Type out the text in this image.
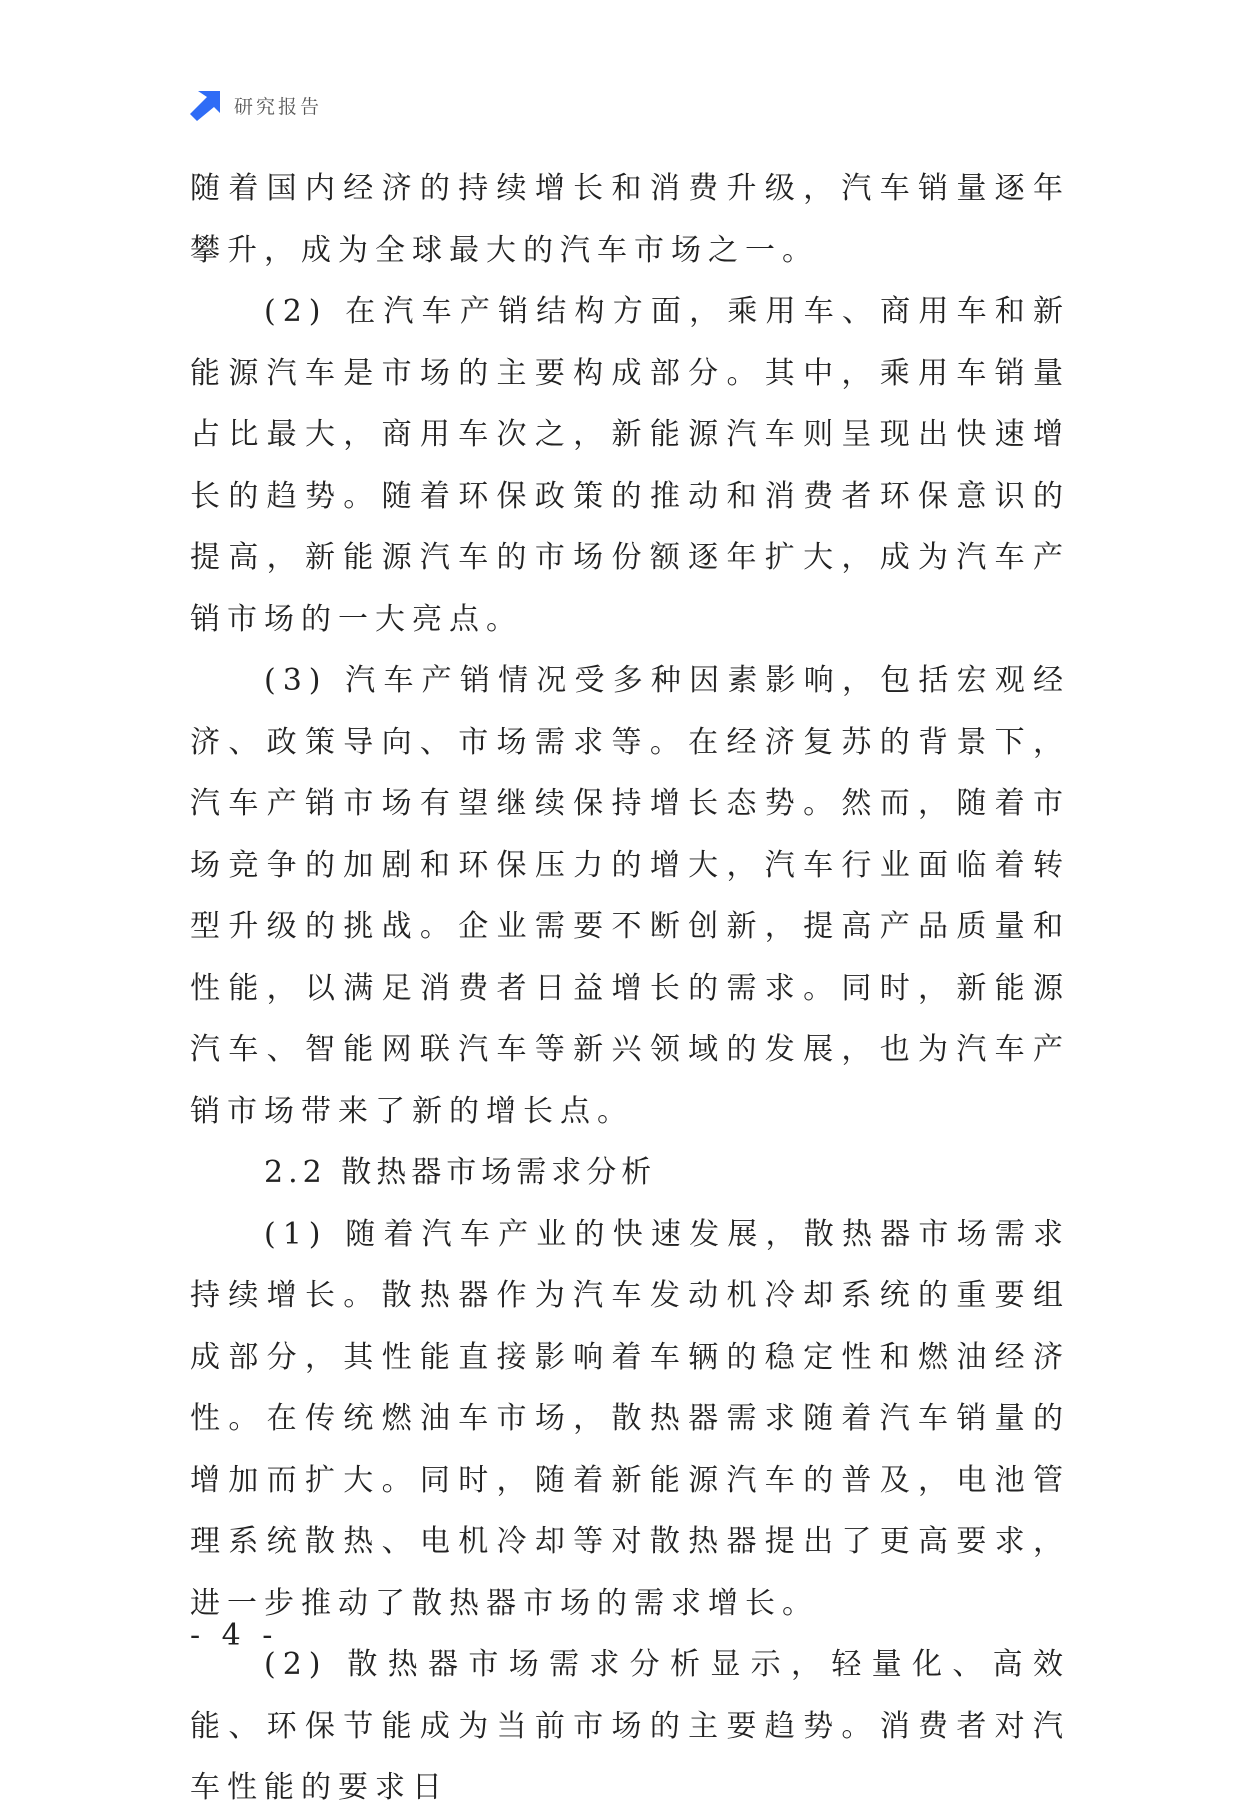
研究报告

随着国内经济的持续增长和消费升级，汽车销量逐年攀升，成为全球最大的汽车市场之一。

(2) 在汽车产销结构方面，乘用车、商用车和新能源汽车是市场的主要构成部分。其中，乘用车销量占比最大，商用车次之，新能源汽车则呈现出快速增长的趋势。随着环保政策的推动和消费者环保意识的提高，新能源汽车的市场份额逐年扩大，成为汽车产销市场的一大亮点。

(3) 汽车产销情况受多种因素影响，包括宏观经济、政策导向、市场需求等。在经济复苏的背景下，汽车产销市场有望继续保持增长态势。然而，随着市场竞争的加剧和环保压力的增大，汽车行业面临着转型升级的挑战。企业需要不断创新，提高产品质量和性能，以满足消费者日益增长的需求。同时，新能源汽车、智能网联汽车等新兴领域的发展，也为汽车产销市场带来了新的增长点。

2.2 散热器市场需求分析

(1) 随着汽车产业的快速发展，散热器市场需求持续增长。散热器作为汽车发动机冷却系统的重要组成部分，其性能直接影响着车辆的稳定性和燃油经济性。在传统燃油车市场，散热器需求随着汽车销量的增加而扩大。同时，随着新能源汽车的普及，电池管理系统散热、电机冷却等对散热器提出了更高要求，进一步推动了散热器市场的需求增长。

(2) 散热器市场需求分析显示，轻量化、高效能、环保节能成为当前市场的主要趋势。消费者对汽车性能的要求日

- 4 -
